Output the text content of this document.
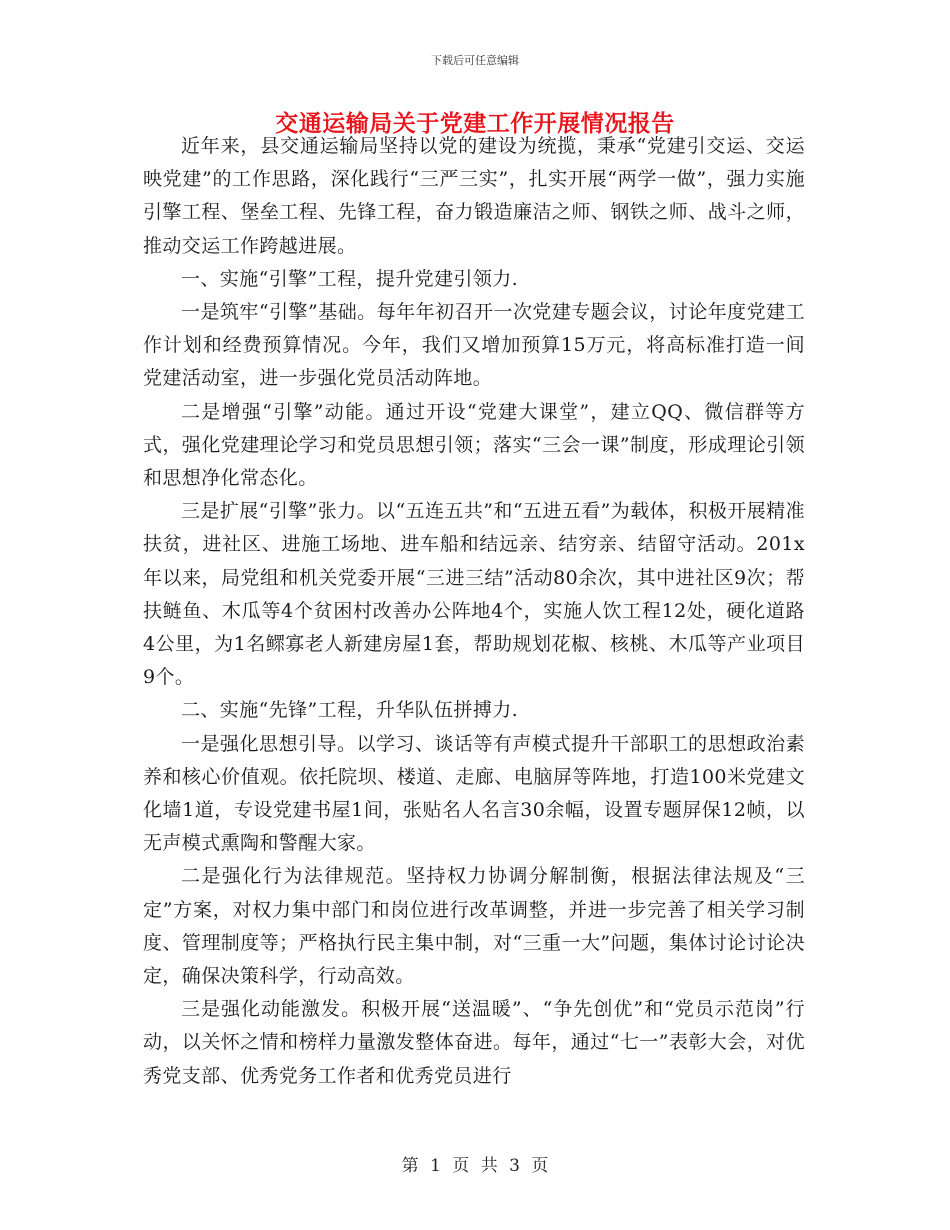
下载后可任意编辑
交通运输局关于党建工作开展情况报告

近年来，县交通运输局坚持以党的建设为统揽，秉承“党建引交运、交运映党建”的工作思路，深化践行“三严三实”，扎实开展“两学一做”，强力实施引擎工程、堡垒工程、先锋工程，奋力锻造廉洁之师、钢铁之师、战斗之师，推动交运工作跨越进展。

一、实施“引擎”工程，提升党建引领力.

一是筑牢“引擎”基础。每年年初召开一次党建专题会议，讨论年度党建工作计划和经费预算情况。今年，我们又增加预算15万元，将高标准打造一间党建活动室，进一步强化党员活动阵地。

二是增强“引擎”动能。通过开设“党建大课堂”，建立QQ、微信群等方式，强化党建理论学习和党员思想引领；落实“三会一课”制度，形成理论引领和思想净化常态化。

三是扩展“引擎”张力。以“五连五共”和“五进五看”为载体，积极开展精准扶贫，进社区、进施工场地、进车船和结远亲、结穷亲、结留守活动。201x年以来，局党组和机关党委开展“三进三结”活动80余次，其中进社区9次；帮扶鲢鱼、木瓜等4个贫困村改善办公阵地4个，实施人饮工程12处，硬化道路4公里，为1名鳏寡老人新建房屋1套，帮助规划花椒、核桃、木瓜等产业项目9个。

二、实施“先锋”工程，升华队伍拼搏力.

一是强化思想引导。以学习、谈话等有声模式提升干部职工的思想政治素养和核心价值观。依托院坝、楼道、走廊、电脑屏等阵地，打造100米党建文化墙1道，专设党建书屋1间，张贴名人名言30余幅，设置专题屏保12帧，以无声模式熏陶和警醒大家。

二是强化行为法律规范。坚持权力协调分解制衡，根据法律法规及“三定”方案，对权力集中部门和岗位进行改革调整，并进一步完善了相关学习制度、管理制度等；严格执行民主集中制，对“三重一大”问题，集体讨论讨论决定，确保决策科学，行动高效。

三是强化动能激发。积极开展“送温暖”、“争先创优”和“党员示范岗”行动，以关怀之情和榜样力量激发整体奋进。每年，通过“七一”表彰大会，对优秀党支部、优秀党务工作者和优秀党员进行

第 1 页 共 3 页
